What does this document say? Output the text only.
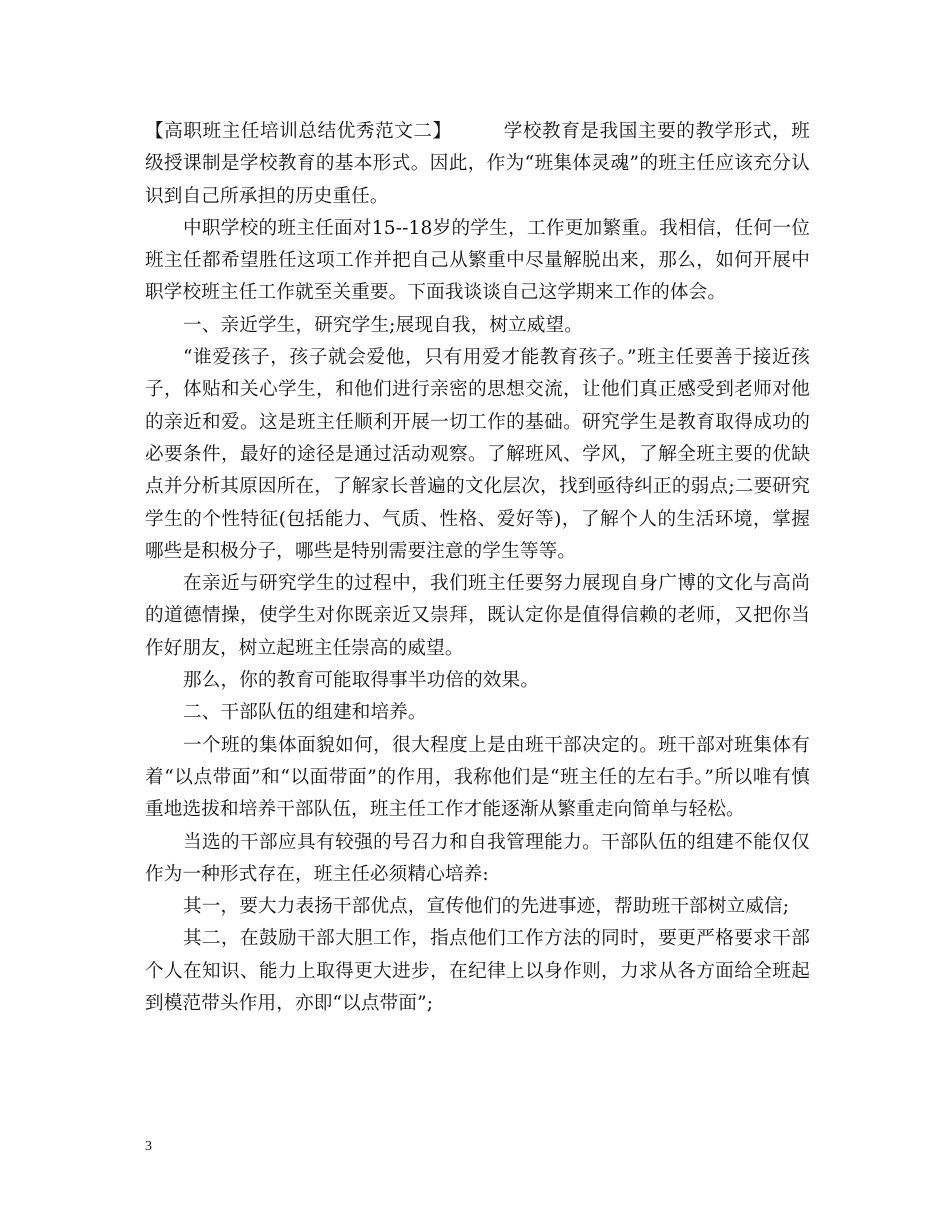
【高职班主任培训总结优秀范文二】	学校教育是我国主要的教学形式，班级授课制是学校教育的基本形式。因此，作为“班集体灵魂”的班主任应该充分认识到自己所承担的历史重任。

中职学校的班主任面对15--18岁的学生，工作更加繁重。我相信，任何一位班主任都希望胜任这项工作并把自己从繁重中尽量解脱出来，那么，如何开展中职学校班主任工作就至关重要。下面我谈谈自己这学期来工作的体会。

一、亲近学生，研究学生;展现自我，树立威望。

“谁爱孩子，孩子就会爱他，只有用爱才能教育孩子。”班主任要善于接近孩子，体贴和关心学生，和他们进行亲密的思想交流，让他们真正感受到老师对他的亲近和爱。这是班主任顺利开展一切工作的基础。研究学生是教育取得成功的必要条件，最好的途径是通过活动观察。了解班风、学风，了解全班主要的优缺点并分析其原因所在，了解家长普遍的文化层次，找到亟待纠正的弱点;二要研究学生的个性特征(包括能力、气质、性格、爱好等)，了解个人的生活环境，掌握哪些是积极分子，哪些是特别需要注意的学生等等。

在亲近与研究学生的过程中，我们班主任要努力展现自身广博的文化与高尚的道德情操，使学生对你既亲近又崇拜，既认定你是值得信赖的老师，又把你当作好朋友，树立起班主任崇高的威望。

那么，你的教育可能取得事半功倍的效果。

二、干部队伍的组建和培养。

一个班的集体面貌如何，很大程度上是由班干部决定的。班干部对班集体有着“以点带面”和“以面带面”的作用，我称他们是“班主任的左右手。”所以唯有慎重地选拔和培养干部队伍，班主任工作才能逐渐从繁重走向简单与轻松。

当选的干部应具有较强的号召力和自我管理能力。干部队伍的组建不能仅仅作为一种形式存在，班主任必须精心培养:

其一，要大力表扬干部优点，宣传他们的先进事迹，帮助班干部树立威信;

其二，在鼓励干部大胆工作，指点他们工作方法的同时，要更严格要求干部个人在知识、能力上取得更大进步，在纪律上以身作则，力求从各方面给全班起到模范带头作用，亦即“以点带面”;

3
